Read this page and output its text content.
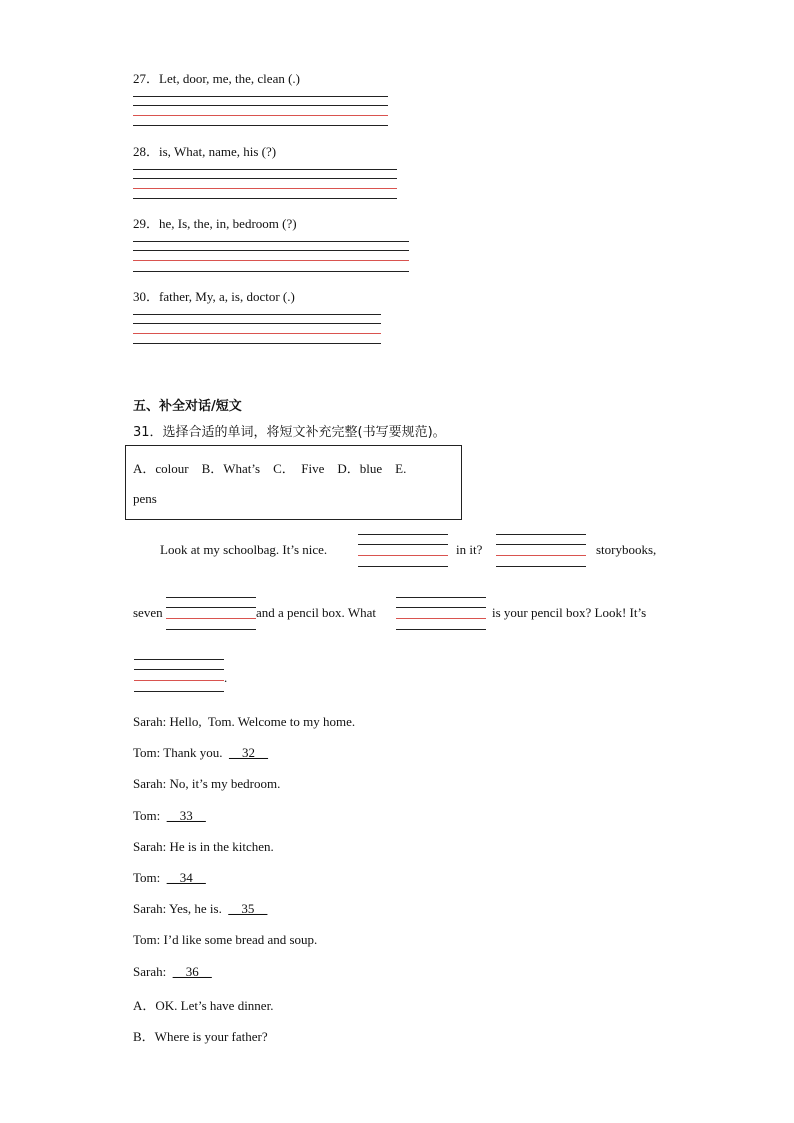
27．Let, door, me, the, clean (.)
28．is, What, name, his (?)
29．he, Is, the, in, bedroom (?)
30．father, My, a, is, doctor (.)
五、补全对话/短文
31．选择合适的单词，将短文补充完整(书写要规范)。
A．colour    B．What’s    C．  Five    D．blue    E.
pens
Look at my schoolbag. It’s nice.	in it?	storybooks,
seven	and a pencil box. What	is your pencil box? Look! It’s
.
Sarah: Hello,  Tom. Welcome to my home.
Tom: Thank you.  __32__
Sarah: No, it’s my bedroom.
Tom: __33__
Sarah: He is in the kitchen.
Tom: __34__
Sarah: Yes, he is.  __35__
Tom: I’d like some bread and soup.
Sarah: __36__
A．OK. Let’s have dinner.
B．Where is your father?
